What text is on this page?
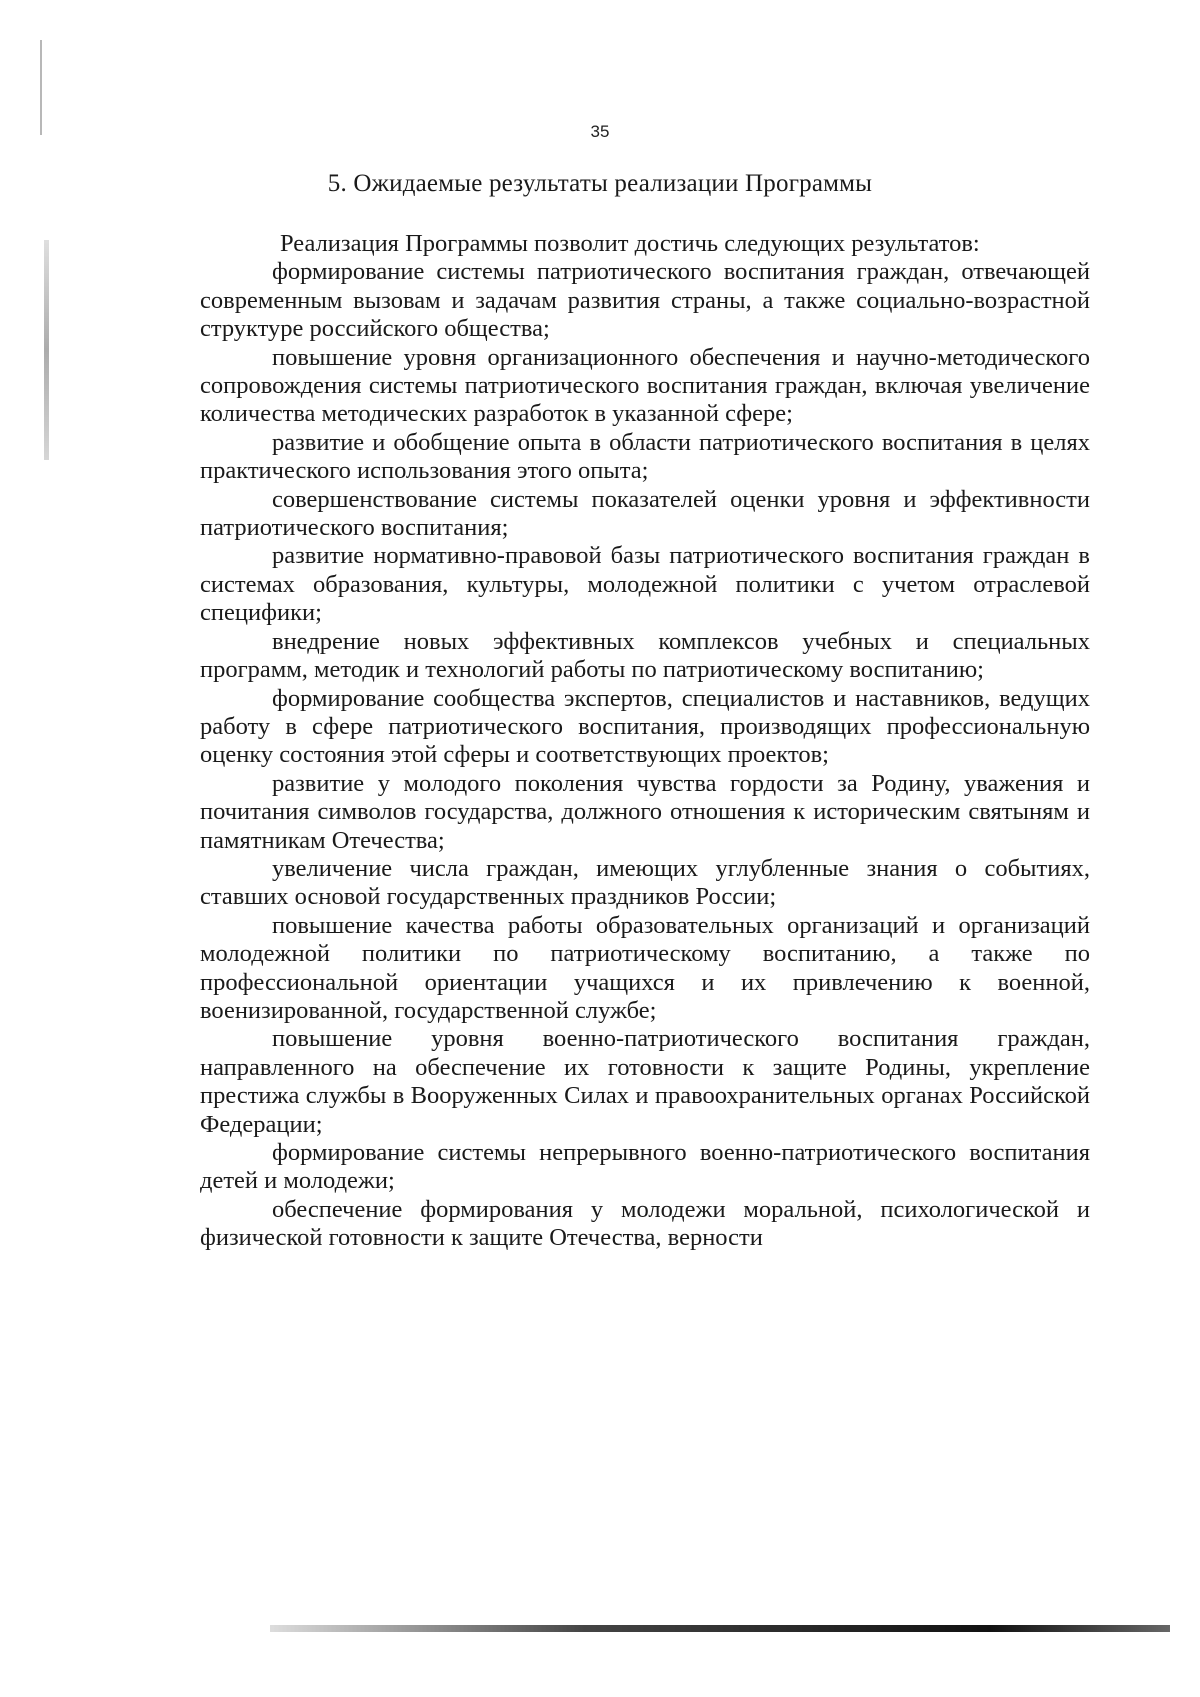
35
5. Ожидаемые результаты реализации Программы

Реализация Программы позволит достичь следующих результатов:

формирование системы патриотического воспитания граждан, отвечающей современным вызовам и задачам развития страны, а также социально-возрастной структуре российского общества;

повышение уровня организационного обеспечения и научно-методического сопровождения системы патриотического воспитания граждан, включая увеличение количества методических разработок в указанной сфере;

развитие и обобщение опыта в области патриотического воспитания в целях практического использования этого опыта;

совершенствование системы показателей оценки уровня и эффективности патриотического воспитания;

развитие нормативно-правовой базы патриотического воспитания граждан в системах образования, культуры, молодежной политики с учетом отраслевой специфики;

внедрение новых эффективных комплексов учебных и специальных программ, методик и технологий работы по патриотическому воспитанию;

формирование сообщества экспертов, специалистов и наставников, ведущих работу в сфере патриотического воспитания, производящих профессиональную оценку состояния этой сферы и соответствующих проектов;

развитие у молодого поколения чувства гордости за Родину, уважения и почитания символов государства, должного отношения к историческим святыням и памятникам Отечества;

увеличение числа граждан, имеющих углубленные знания о событиях, ставших основой государственных праздников России;

повышение качества работы образовательных организаций и организаций молодежной политики по патриотическому воспитанию, а также по профессиональной ориентации учащихся и их привлечению к военной, военизированной, государственной службе;

повышение уровня военно-патриотического воспитания граждан, направленного на обеспечение их готовности к защите Родины, укрепление престижа службы в Вооруженных Силах и правоохранительных органах Российской Федерации;

формирование системы непрерывного военно-патриотического воспитания детей и молодежи;

обеспечение формирования у молодежи моральной, психологической и физической готовности к защите Отечества, верности
